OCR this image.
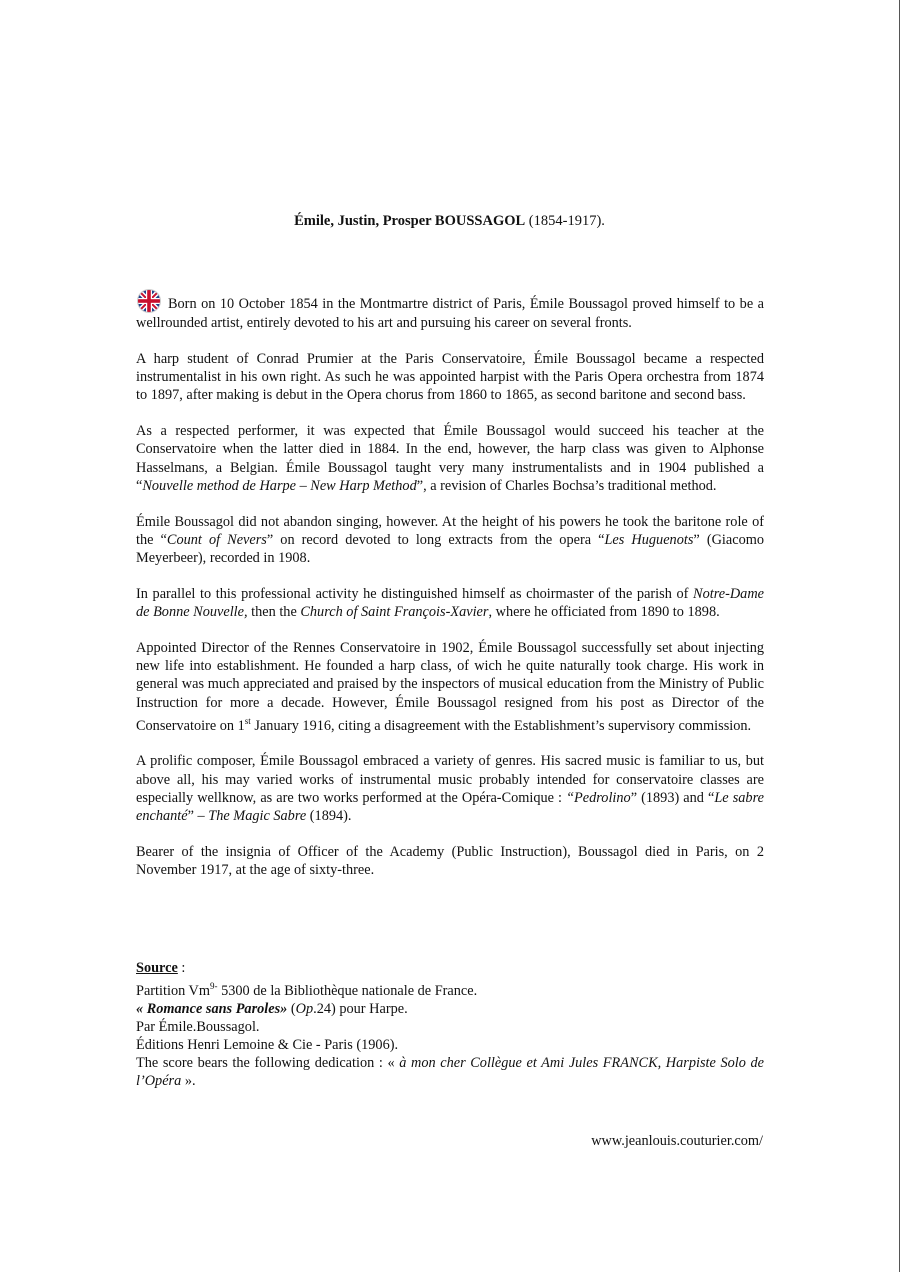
Émile, Justin, Prosper BOUSSAGOL (1854-1917).

Born on 10 October 1854 in the Montmartre district of Paris, Émile Boussagol proved himself to be a wellrounded artist, entirely devoted to his art and pursuing his career on several fronts.

A harp student of Conrad Prumier at the Paris Conservatoire, Émile Boussagol became a respected instrumentalist in his own right. As such he was appointed harpist with the Paris Opera orchestra from 1874 to 1897, after making is debut in the Opera chorus from 1860 to 1865, as second baritone and second bass.

As a respected performer, it was expected that Émile Boussagol would succeed his teacher at the Conservatoire when the latter died in 1884. In the end, however, the harp class was given to Alphonse Hasselmans, a Belgian. Émile Boussagol taught very many instrumentalists and in 1904 published a “Nouvelle method de Harpe – New Harp Method”, a revision of Charles Bochsa’s traditional method.

Émile Boussagol did not abandon singing, however. At the height of his powers he took the baritone role of the “Count of Nevers” on record devoted to long extracts from the opera “Les Huguenots” (Giacomo Meyerbeer), recorded in 1908.

In parallel to this professional activity he distinguished himself as choirmaster of the parish of Notre-Dame de Bonne Nouvelle, then the Church of Saint François-Xavier, where he officiated from 1890 to 1898.

Appointed Director of the Rennes Conservatoire in 1902, Émile Boussagol successfully set about injecting new life into establishment. He founded a harp class, of wich he quite naturally took charge. His work in general was much appreciated and praised by the inspectors of musical education from the Ministry of Public Instruction for more a decade. However, Émile Boussagol resigned from his post as Director of the Conservatoire on 1st January 1916, citing a disagreement with the Establishment’s supervisory commission.

A prolific composer, Émile Boussagol embraced a variety of genres. His sacred music is familiar to us, but above all, his may varied works of instrumental music probably intended for conservatoire classes are especially wellknow, as are two works performed at the Opéra-Comique : “Pedrolino” (1893) and “Le sabre enchanté” – The Magic Sabre (1894).

Bearer of the insignia of Officer of the Academy (Public Instruction), Boussagol died in Paris, on 2 November 1917, at the age of sixty-three.

Source :
Partition $Vm^{9-}$ 5300 de la Bibliothèque nationale de France.
« Romance sans Paroles» (Op.24) pour Harpe.
Par Émile.Boussagol.
Éditions Henri Lemoine & Cie - Paris (1906).
The score bears the following dedication : « à mon cher Collègue et Ami Jules FRANCK, Harpiste Solo de l’Opéra ».
www.jeanlouis.couturier.com/
